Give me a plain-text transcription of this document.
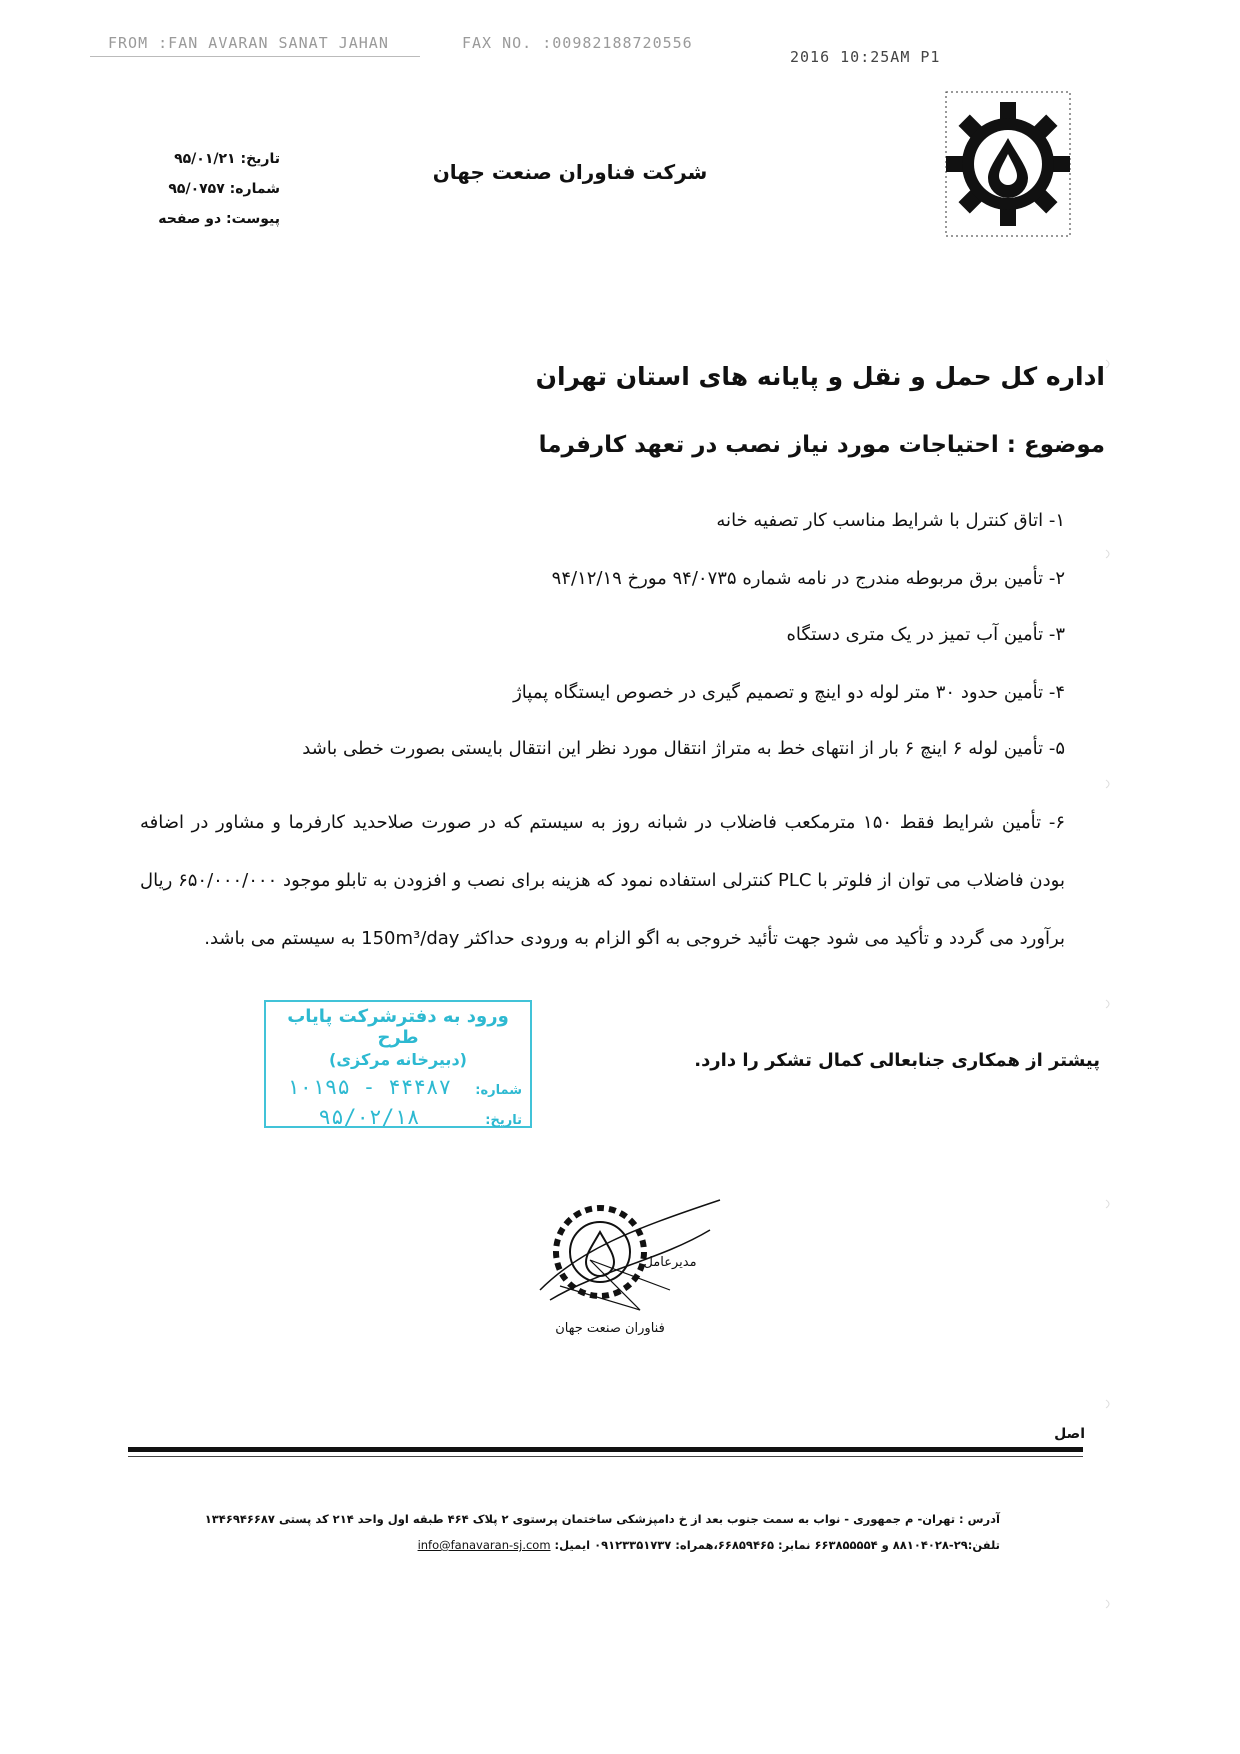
FROM :FAN AVARAN SANAT JAHAN	FAX NO. :00982188720556
2016 10:25AM P1
شرکت فناوران صنعت جهان
تاریخ: ۹۵/۰۱/۲۱
شماره: ۹۵/۰۷۵۷
پیوست: دو صفحه
اداره کل حمل و نقل و پایانه های استان تهران
موضوع : احتیاجات مورد نیاز نصب در تعهد کارفرما
۱- اتاق کنترل با شرایط مناسب کار تصفیه خانه
۲- تأمین برق مربوطه مندرج در نامه شماره ۹۴/۰۷۳۵ مورخ ۹۴/۱۲/۱۹
۳- تأمین آب تمیز در یک متری دستگاه
۴- تأمین حدود ۳۰ متر لوله دو اینچ و تصمیم گیری در خصوص ایستگاه پمپاژ
۵- تأمین لوله ۶ اینچ ۶ بار از انتهای خط به متراژ انتقال مورد نظر این انتقال بایستی بصورت خطی باشد
۶- تأمین شرایط فقط ۱۵۰ مترمکعب فاضلاب در شبانه روز به سیستم که در صورت صلاحدید کارفرما و مشاور در اضافه بودن فاضلاب می توان از فلوتر با PLC کنترلی استفاده نمود که هزینه برای نصب و افزودن به تابلو موجود ۶۵۰/۰۰۰/۰۰۰ ریال برآورد می گردد و تأکید می شود جهت تأئید خروجی به اگو الزام به ورودی حداکثر 150m³/day به سیستم می باشد.
پیشتر از همکاری جنابعالی کمال تشکر را دارد.
ورود به دفترشرکت پایاب طرح
(دبیرخانه مرکزی)
شماره:
۱۰۱۹۵ - ۴۴۴۸۷
تاریخ:
۹۵/۰۲/۱۸
مدیرعامل
فناوران صنعت جهان
اصل
آدرس : تهران- م جمهوری - نواب به سمت جنوب بعد از خ دامپزشکی ساختمان پرستوی ۲ پلاک ۴۶۴ طبقه اول واحد ۲۱۴ کد پستی ۱۳۴۶۹۴۶۶۸۷
تلفن:۲۹-۸۸۱۰۴۰۲۸ و ۶۶۳۸۵۵۵۵۴ نمابر: ۶۶۸۵۹۴۶۵،همراه: ۰۹۱۲۳۳۵۱۷۳۷ ایمیل: info@fanavaran-sj.com
